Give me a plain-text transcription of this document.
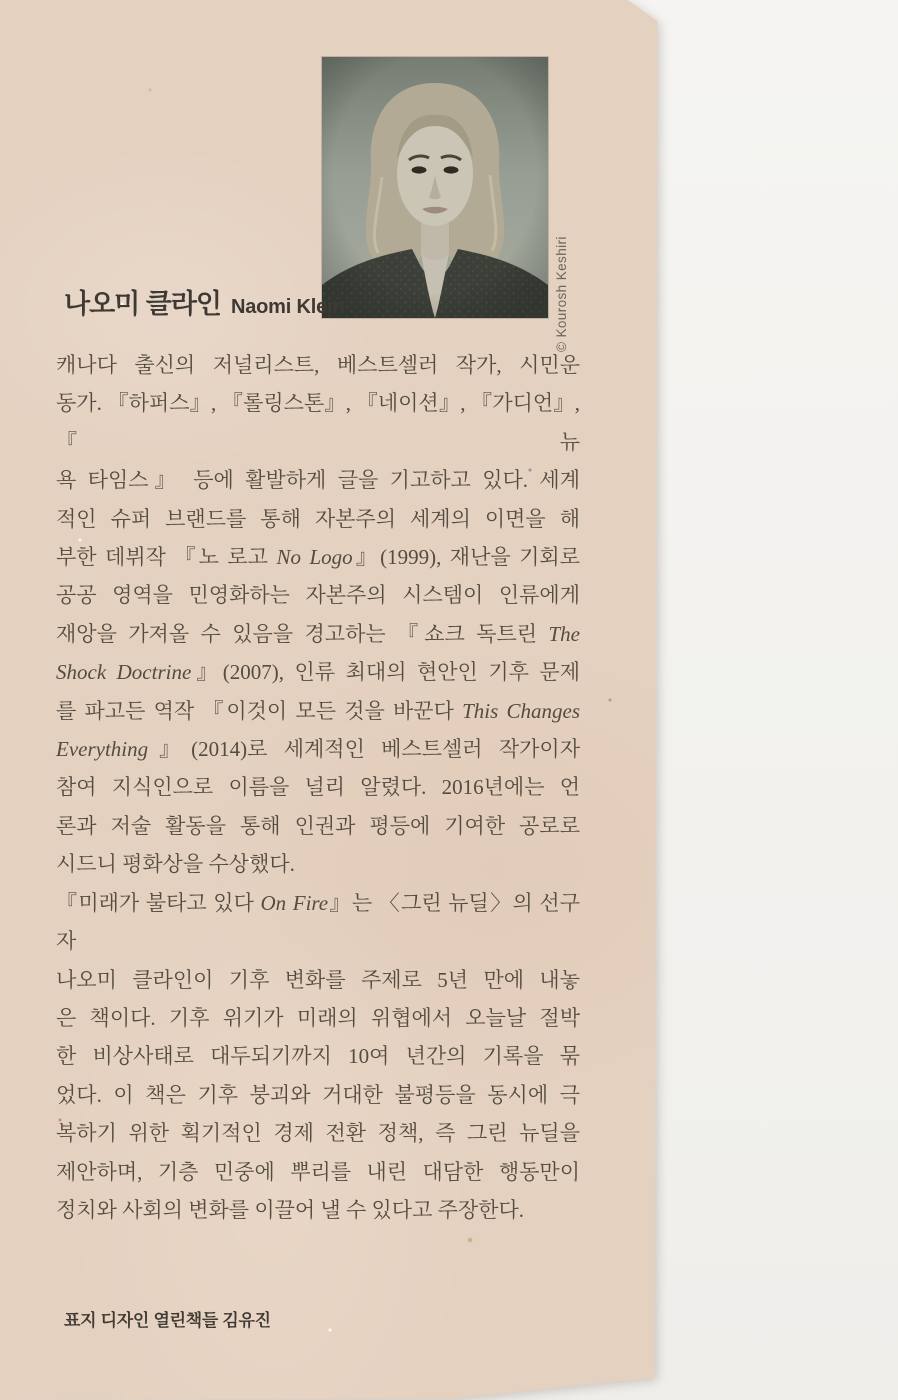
© Kourosh Keshiri
나오미 클라인 Naomi Klein
캐나다 출신의 저널리스트, 베스트셀러 작가, 시민운
동가. 『하퍼스』, 『롤링스톤』, 『네이션』, 『가디언』, 『뉴
욕 타임스』 등에 활발하게 글을 기고하고 있다. 세계
적인 슈퍼 브랜드를 통해 자본주의 세계의 이면을 해
부한 데뷔작 『노 로고 No Logo』(1999), 재난을 기회로
공공 영역을 민영화하는 자본주의 시스템이 인류에게
재앙을 가져올 수 있음을 경고하는 『쇼크 독트린 The
Shock Doctrine』(2007), 인류 최대의 현안인 기후 문제
를 파고든 역작 『이것이 모든 것을 바꾼다 This Changes
Everything』(2014)로 세계적인 베스트셀러 작가이자
참여 지식인으로 이름을 널리 알렸다. 2016년에는 언
론과 저술 활동을 통해 인권과 평등에 기여한 공로로
시드니 평화상을 수상했다.
『미래가 불타고 있다 On Fire』는 〈그린 뉴딜〉의 선구자
나오미 클라인이 기후 변화를 주제로 5년 만에 내놓
은 책이다. 기후 위기가 미래의 위협에서 오늘날 절박
한 비상사태로 대두되기까지 10여 년간의 기록을 묶
었다. 이 책은 기후 붕괴와 거대한 불평등을 동시에 극
복하기 위한 획기적인 경제 전환 정책, 즉 그린 뉴딜을
제안하며, 기층 민중에 뿌리를 내린 대담한 행동만이
정치와 사회의 변화를 이끌어 낼 수 있다고 주장한다.
표지 디자인 열린책들 김유진
